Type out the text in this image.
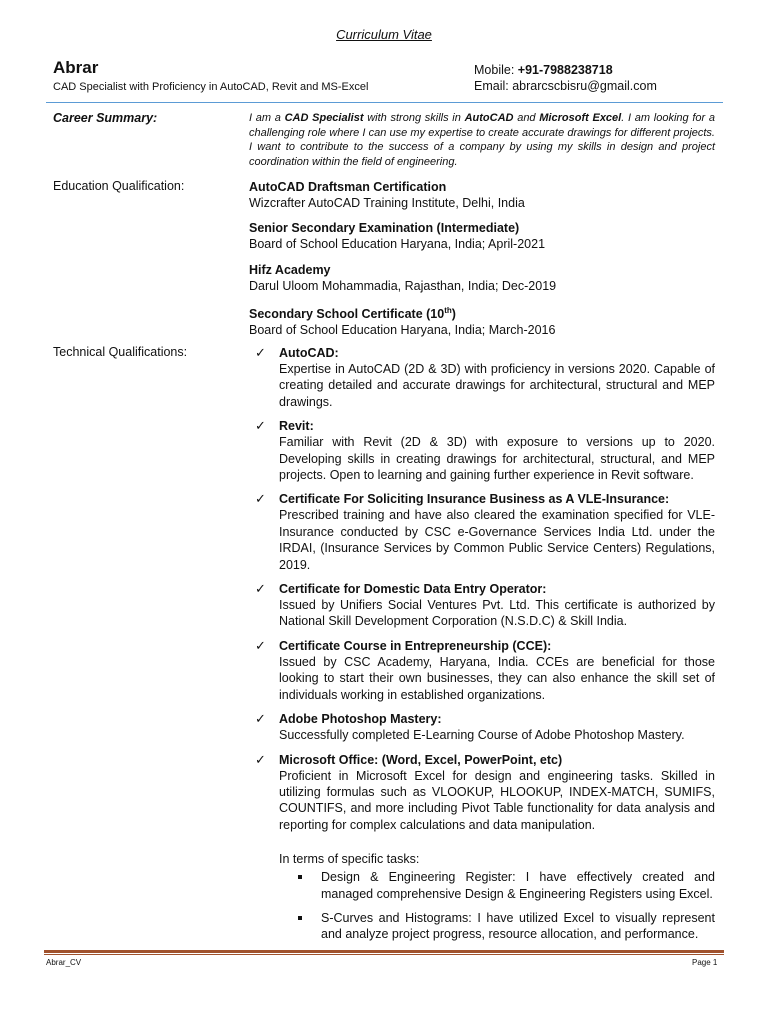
Curriculum Vitae
Abrar
CAD Specialist with Proficiency in AutoCAD, Revit and MS-Excel
Mobile: +91-7988238718
Email: abrarcscbisru@gmail.com
Career Summary:	I am a CAD Specialist with strong skills in AutoCAD and Microsoft Excel. I am looking for a challenging role where I can use my expertise to create accurate drawings for different projects. I want to contribute to the success of a company by using my skills in design and project coordination within the field of engineering.
Education Qualification:	AutoCAD Draftsman Certification
Wizcrafter AutoCAD Training Institute, Delhi, India
Senior Secondary Examination (Intermediate)
Board of School Education Haryana, India; April-2021
Hifz Academy
Darul Uloom Mohammadia, Rajasthan, India; Dec-2019
Secondary School Certificate (10th)
Board of School Education Haryana, India; March-2016
Technical Qualifications:	✓ AutoCAD:
Expertise in AutoCAD (2D & 3D) with proficiency in versions 2020. Capable of creating detailed and accurate drawings for architectural, structural and MEP drawings.
✓ Revit:
Familiar with Revit (2D & 3D) with exposure to versions up to 2020. Developing skills in creating drawings for architectural, structural, and MEP projects. Open to learning and gaining further experience in Revit software.
✓ Certificate For Soliciting Insurance Business as A VLE-Insurance:
Prescribed training and have also cleared the examination specified for VLE-Insurance conducted by CSC e-Governance Services India Ltd. under the IRDAI, (Insurance Services by Common Public Service Centers) Regulations, 2019.
✓ Certificate for Domestic Data Entry Operator:
Issued by Unifiers Social Ventures Pvt. Ltd. This certificate is authorized by National Skill Development Corporation (N.S.D.C) & Skill India.
✓ Certificate Course in Entrepreneurship (CCE):
Issued by CSC Academy, Haryana, India. CCEs are beneficial for those looking to start their own businesses, they can also enhance the skill set of individuals working in established organizations.
✓ Adobe Photoshop Mastery:
Successfully completed E-Learning Course of Adobe Photoshop Mastery.
✓ Microsoft Office: (Word, Excel, PowerPoint, etc)
Proficient in Microsoft Excel for design and engineering tasks. Skilled in utilizing formulas such as VLOOKUP, HLOOKUP, INDEX-MATCH, SUMIFS, COUNTIFS, and more including Pivot Table functionality for data analysis and reporting for complex calculations and data manipulation.
In terms of specific tasks:
Design & Engineering Register: I have effectively created and managed comprehensive Design & Engineering Registers using Excel.
S-Curves and Histograms: I have utilized Excel to visually represent and analyze project progress, resource allocation, and performance.
Abrar_CV	Page 1
